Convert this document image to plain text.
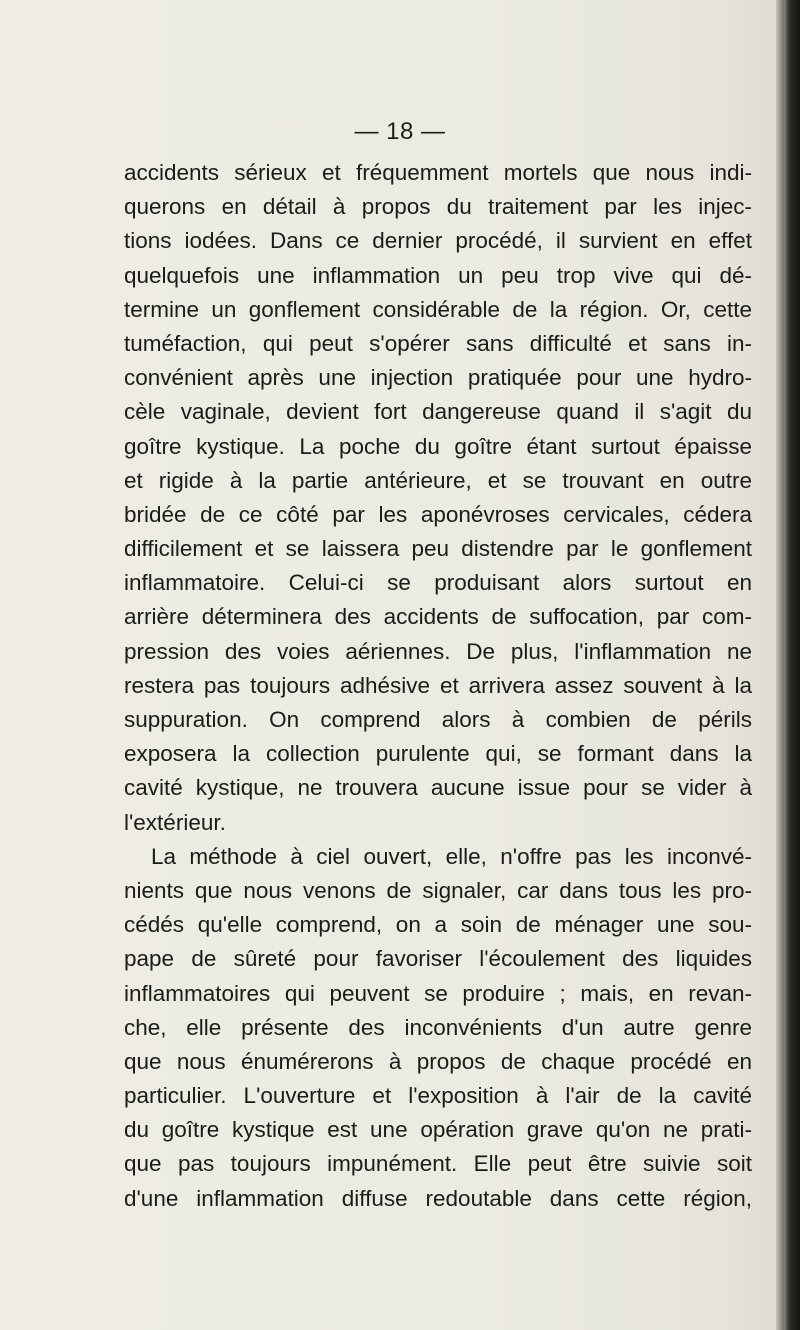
— 18 —
accidents sérieux et fréquemment mortels que nous indi-
querons en détail à propos du traitement par les injec-
tions iodées. Dans ce dernier procédé, il survient en effet
quelquefois une inflammation un peu trop vive qui dé-
termine un gonflement considérable de la région. Or, cette
tuméfaction, qui peut s'opérer sans difficulté et sans in-
convénient après une injection pratiquée pour une hydro-
cèle vaginale, devient fort dangereuse quand il s'agit du
goître kystique. La poche du goître étant surtout épaisse
et rigide à la partie antérieure, et se trouvant en outre
bridée de ce côté par les aponévroses cervicales, cédera
difficilement et se laissera peu distendre par le gonflement
inflammatoire. Celui-ci se produisant alors surtout en
arrière déterminera des accidents de suffocation, par com-
pression des voies aériennes. De plus, l'inflammation ne
restera pas toujours adhésive et arrivera assez souvent à la
suppuration. On comprend alors à combien de périls
exposera la collection purulente qui, se formant dans la
cavité kystique, ne trouvera aucune issue pour se vider à
l'extérieur.
La méthode à ciel ouvert, elle, n'offre pas les inconvé-
nients que nous venons de signaler, car dans tous les pro-
cédés qu'elle comprend, on a soin de ménager une sou-
pape de sûreté pour favoriser l'écoulement des liquides
inflammatoires qui peuvent se produire ; mais, en revan-
che, elle présente des inconvénients d'un autre genre
que nous énumérerons à propos de chaque procédé en
particulier. L'ouverture et l'exposition à l'air de la cavité
du goître kystique est une opération grave qu'on ne prati-
que pas toujours impunément. Elle peut être suivie soit
d'une inflammation diffuse redoutable dans cette région,
